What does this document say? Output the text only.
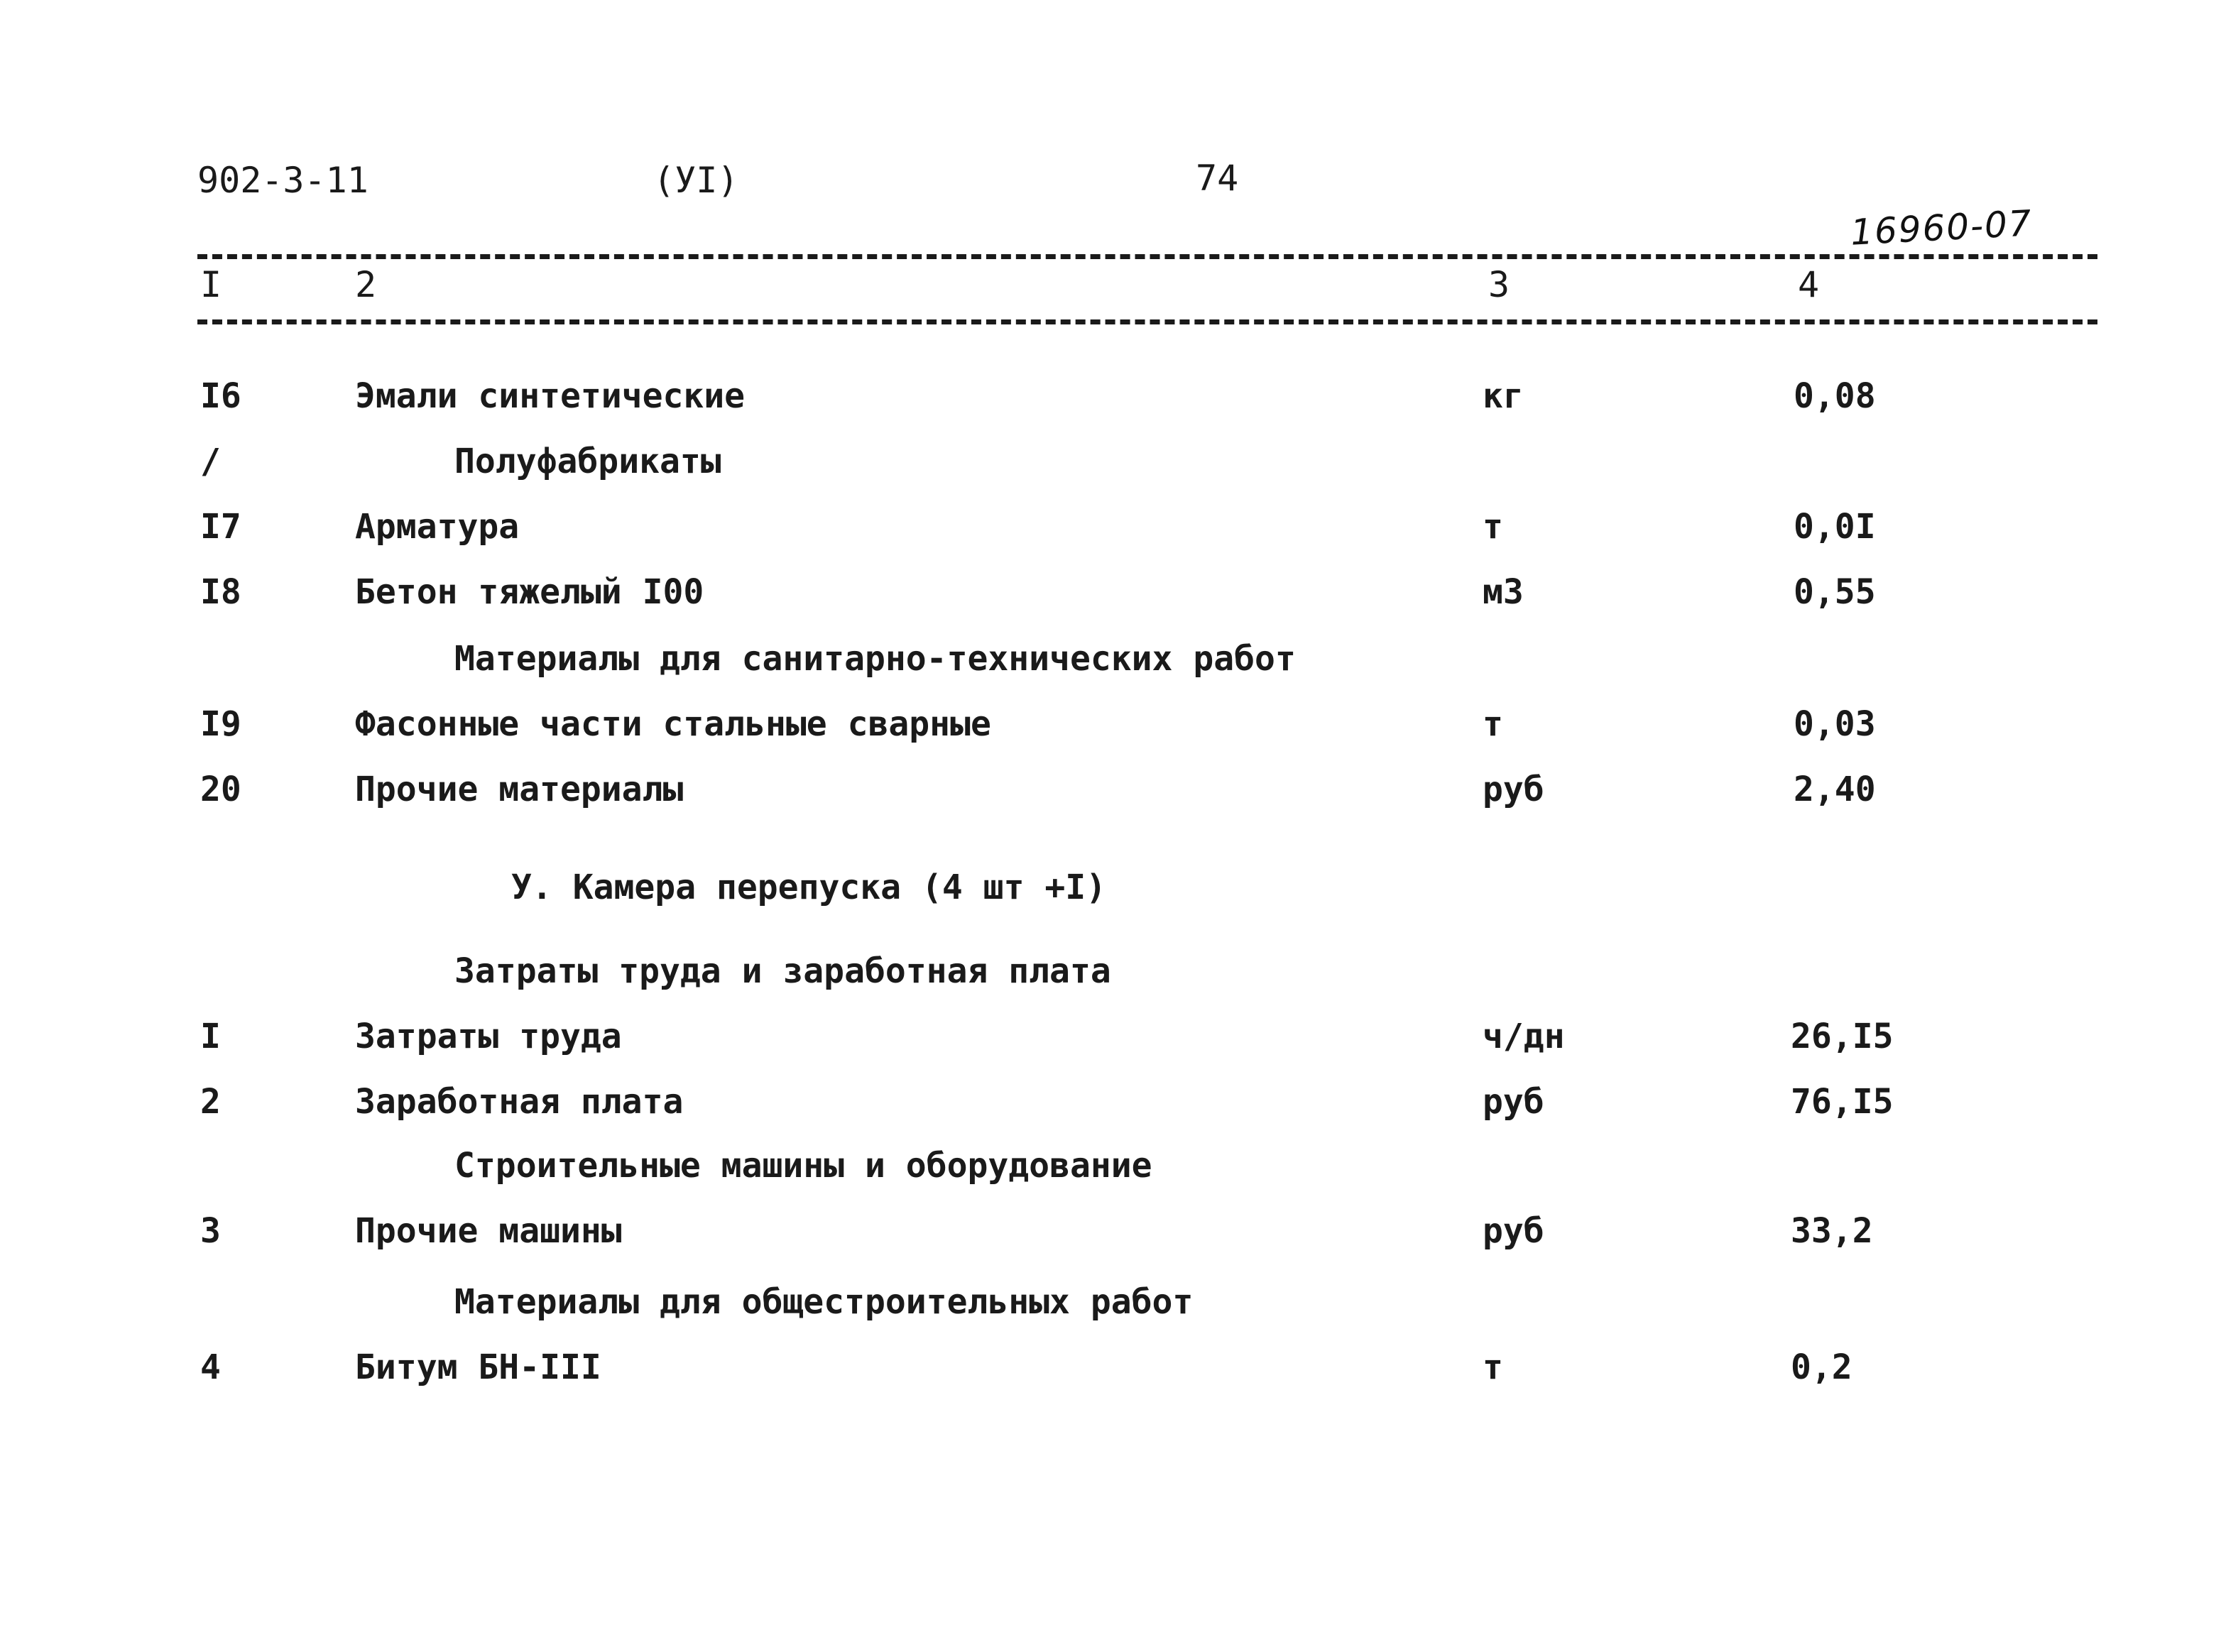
902-3-11	(УI)	74
16960-07
I	2	3	4
I6	Эмали синтетические	кг	0,08
/	Полуфабрикаты
I7	Арматура	т	0,0I
I8	Бетон тяжелый I00	м3	0,55
Материалы для санитарно-технических работ
I9	Фасонные части стальные сварные	т	0,03
20	Прочие материалы	руб	2,40
У. Камера перепуска (4 шт +I)
Затраты труда и заработная плата
I	Затраты труда	ч/дн	26,I5
2	Заработная плата	руб	76,I5
Строительные машины и оборудование
3	Прочие машины	руб	33,2
Материалы для общестроительных работ
4	Битум БН-III	т	0,2
